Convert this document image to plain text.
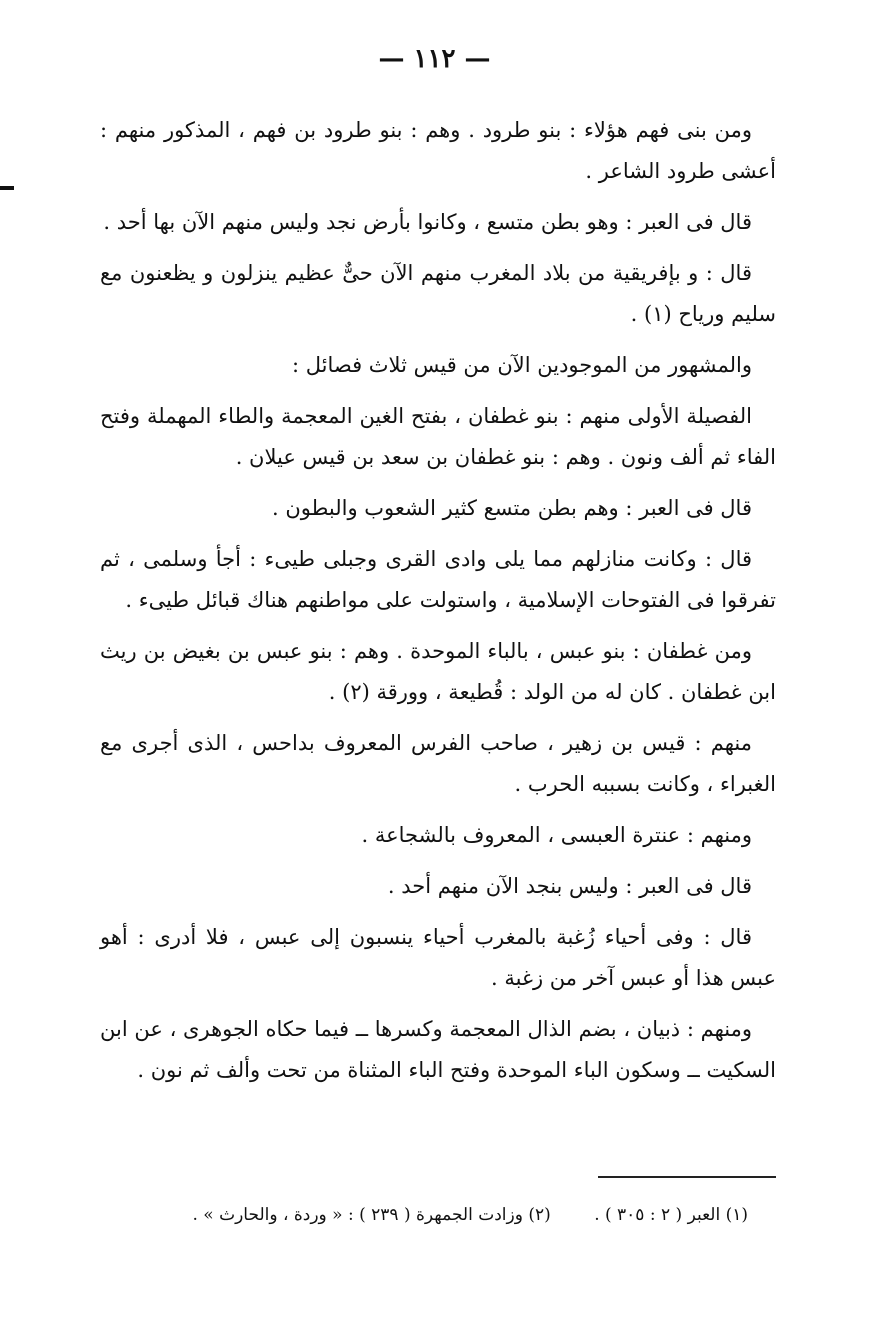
— ١١٢ —

ومن بنى فهم هؤلاء : بنو طرود . وهم : بنو طرود بن فهم ، المذكور منهم : أعشى طرود الشاعر .

قال فى العبر : وهو بطن متسع ، وكانوا بأرض نجد وليس منهم الآن بها أحد .

قال : و بإفريقية من بلاد المغرب منهم الآن حىٌّ عظيم ينزلون و يظعنون مع سليم ورياح (١) .

والمشهور من الموجودين الآن من قيس ثلاث فصائل :

الفصيلة الأولى منهم : بنو غطفان ، بفتح الغين المعجمة والطاء المهملة وفتح الفاء ثم ألف ونون . وهم : بنو غطفان بن سعد بن قيس عيلان .

قال فى العبر : وهم بطن متسع كثير الشعوب والبطون .

قال : وكانت منازلهم مما يلى وادى القرى وجبلى طيىء : أجأ وسلمى ، ثم تفرقوا فى الفتوحات الإسلامية ، واستولت على مواطنهم هناك قبائل طيىء .

ومن غطفان : بنو عبس ، بالباء الموحدة . وهم : بنو عبس بن بغيض بن ريث ابن غطفان . كان له من الولد : قُطيعة ، وورقة (٢) .

منهم : قيس بن زهير ، صاحب الفرس المعروف بداحس ، الذى أجرى مع الغبراء ، وكانت بسببه الحرب .

ومنهم : عنترة العبسى ، المعروف بالشجاعة .

قال فى العبر : وليس بنجد الآن منهم أحد .

قال : وفى أحياء زُغبة بالمغرب أحياء ينسبون إلى عبس ، فلا أدرى : أهو عبس هذا أو عبس آخر من زغبة .

ومنهم : ذبيان ، بضم الذال المعجمة وكسرها ــ فيما حكاه الجوهرى ، عن ابن السكيت ــ وسكون الباء الموحدة وفتح الباء المثناة من تحت وألف ثم نون .

(١) العبر ( ٢ : ٣٠٥ ) . (٢) وزادت الجمهرة ( ٢٣٩ ) : « وردة ، والحارث » .
